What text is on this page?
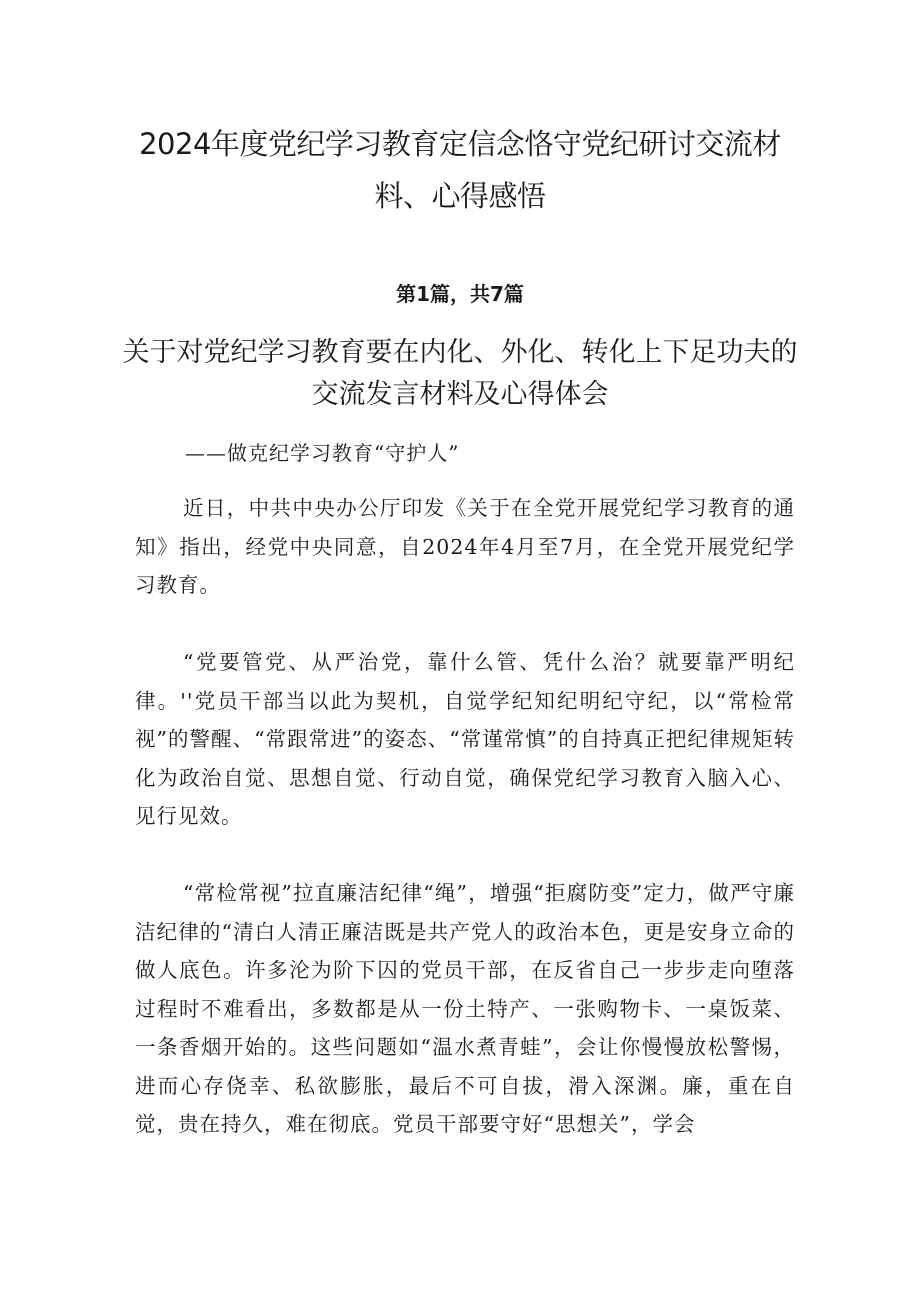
2024年度党纪学习教育定信念恪守党纪研讨交流材料、心得感悟
第1篇，共7篇
关于对党纪学习教育要在内化、外化、转化上下足功夫的交流发言材料及心得体会
——做克纪学习教育“守护人”

近日，中共中央办公厅印发《关于在全党开展党纪学习教育的通知》指出，经党中央同意，自2024年4月至7月，在全党开展党纪学习教育。

“党要管党、从严治党，靠什么管、凭什么治？就要靠严明纪律。''党员干部当以此为契机，自觉学纪知纪明纪守纪，以“常检常视”的警醒、“常跟常进”的姿态、“常谨常慎”的自持真正把纪律规矩转化为政治自觉、思想自觉、行动自觉，确保党纪学习教育入脑入心、见行见效。

“常检常视”拉直廉洁纪律“绳”，增强“拒腐防变”定力，做严守廉洁纪律的“清白人清正廉洁既是共产党人的政治本色，更是安身立命的做人底色。许多沦为阶下囚的党员干部，在反省自己一步步走向堕落过程时不难看出，多数都是从一份土特产、一张购物卡、一桌饭菜、一条香烟开始的。这些问题如“温水煮青蛙”，会让你慢慢放松警惕，进而心存侥幸、私欲膨胀，最后不可自拔，滑入深渊。廉，重在自觉，贵在持久，难在彻底。党员干部要守好“思想关”，学会
